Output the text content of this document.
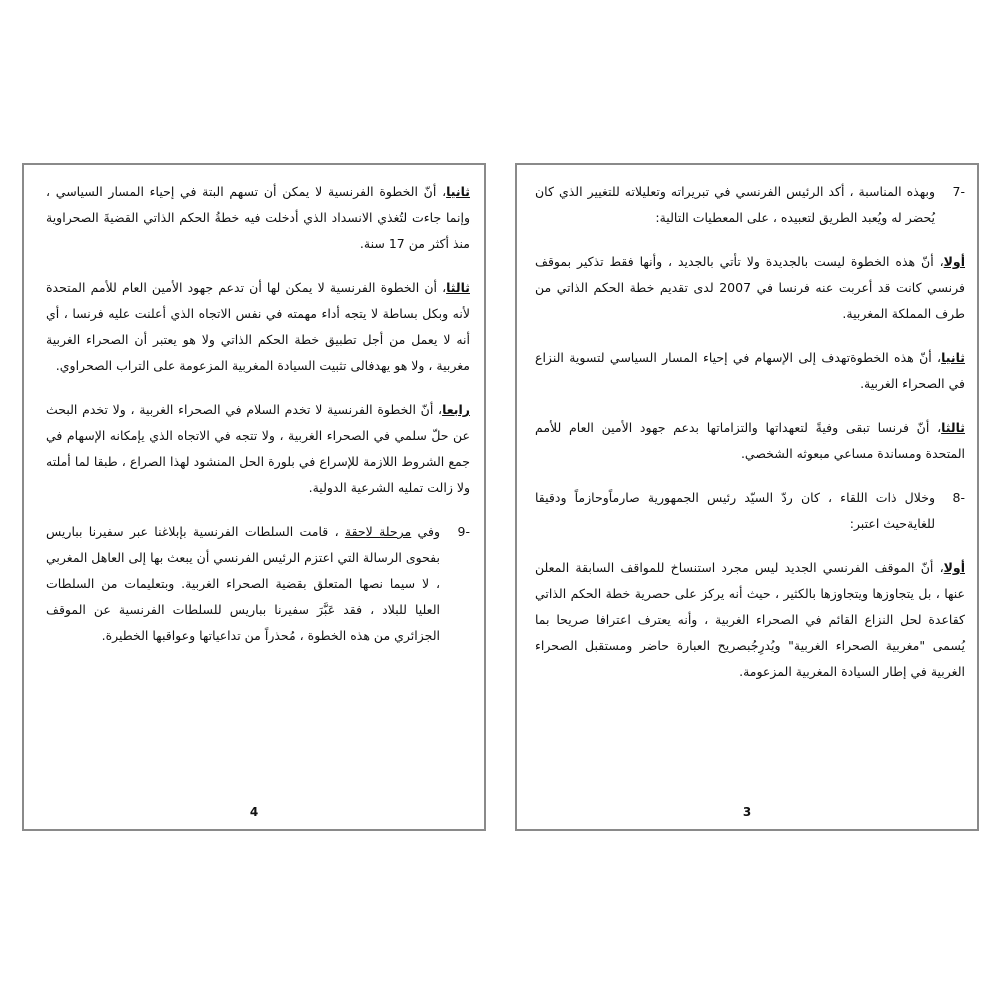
ثانيا، أنّ الخطوة الفرنسية لا يمكن أن تسهم البتة في إحياء المسار السياسي ، وإنما جاءت لتُغذي الانسداد الذي أدخلت فيه خطةُ الحكم الذاتي القضيةَ الصحراوية منذ أكثر من 17 سنة.

ثالثا، أن الخطوة الفرنسية لا يمكن لها أن تدعم جهود الأمين العام للأمم المتحدة لأنه وبكل بساطة لا يتجه أداء مهمته في نفس الاتجاه الذي أعلنت عليه فرنسا ، أي أنه لا يعمل من أجل تطبيق خطة الحكم الذاتي ولا هو يعتبر أن الصحراء الغربية مغربية ، ولا هو يهدفالى تثبيت السيادة المغربية المزعومة على التراب الصحراوي.

رابعا، أنّ الخطوة الفرنسية لا تخدم السلام في الصحراء الغربية ، ولا تخدم البحث عن حلّ سلمي في الصحراء الغربية ، ولا تتجه في الاتجاه الذي يإمكانه الإسهام في جمع الشروط اللازمة للإسراع في بلورة الحل المنشود لهذا الصراع ، طبقا لما أملته ولا زالت تمليه الشرعية الدولية.

9-
وفي مرحلة لاحقة ، قامت السلطات الفرنسية بإبلاغنا عبر سفيرنا بباريس بفحوى الرسالة التي اعتزم الرئيس الفرنسي أن يبعث بها إلى العاهل المغربي ، لا سيما نصها المتعلق بقضية الصحراء الغربية. وبتعليمات من السلطات العليا للبلاد ، فقد عَبَّرَ سفيرنا بباريس للسلطات الفرنسية عن الموقف الجزائري من هذه الخطوة ، مُحذراً من تداعياتها وعواقبها الخطيرة.

4

7-
وبهذه المناسبة ، أكد الرئيس الفرنسي في تبريراته وتعليلاته للتغيير الذي كان يُحضر له ويُعبد الطريق لتعبيده ، على المعطيات التالية:

أولا، أنّ هذه الخطوة ليست بالجديدة ولا تأتي بالجديد ، وأنها فقط تذكير بموقف فرنسي كانت قد أعربت عنه فرنسا في 2007 لدى تقديم خطة الحكم الذاتي من طرف المملكة المغربية.

ثانيا، أنّ هذه الخطوةتهدف إلى الإسهام في إحياء المسار السياسي لتسوية النزاع في الصحراء الغربية.

ثالثا، أنّ فرنسا تبقى وفيةً لتعهداتها والتزاماتها بدعم جهود الأمين العام للأمم المتحدة ومساندة مساعي مبعوثه الشخصي.

8-
وخلال ذات اللقاء ، كان ردّ السيّد رئيس الجمهورية صارماًوحازماً ودقيقا للغايةحيث اعتبر:

أولا، أنّ الموقف الفرنسي الجديد ليس مجرد استنساخ للمواقف السابقة المعلن عنها ، بل يتجاوزها ويتجاوزها بالكثير ، حيث أنه يركز على حصرية خطة الحكم الذاتي كقاعدة لحل النزاع القائم في الصحراء الغربية ، وأنه يعترف اعترافا صريحا بما يُسمى "مغربية الصحراء الغربية" ويُدرِجُبصريح العبارة حاضر ومستقبل الصحراء الغربية في إطار السيادة المغربية المزعومة.

3
